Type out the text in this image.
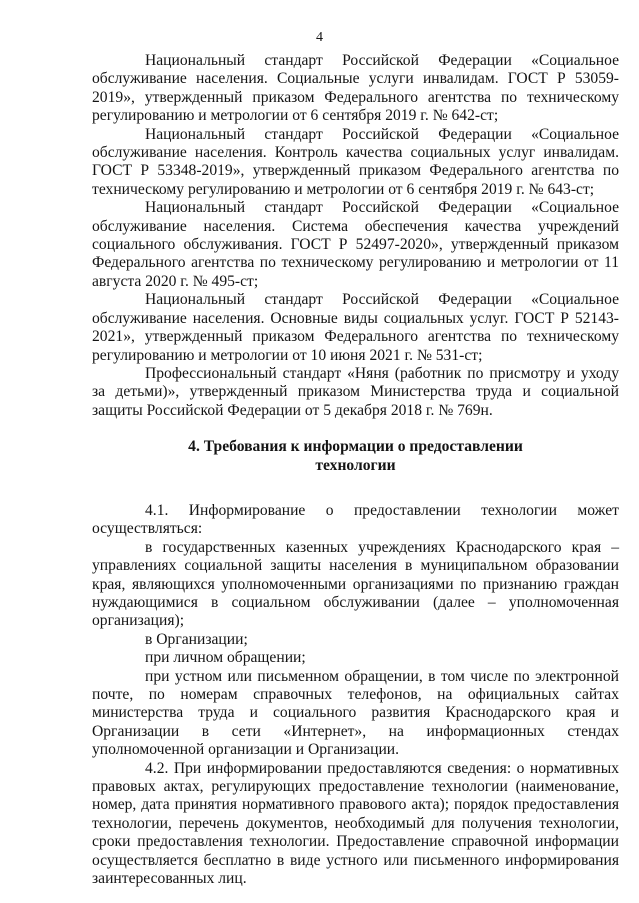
4

Национальный стандарт Российской Федерации «Социальное обслуживание населения. Социальные услуги инвалидам. ГОСТ Р 53059-2019», утвержденный приказом Федерального агентства по техническому регулированию и метрологии от 6 сентября 2019 г. № 642-ст;

Национальный стандарт Российской Федерации «Социальное обслуживание населения. Контроль качества социальных услуг инвалидам. ГОСТ Р 53348-2019», утвержденный приказом Федерального агентства по техническому регулированию и метрологии от 6 сентября 2019 г. № 643-ст;

Национальный стандарт Российской Федерации «Социальное обслуживание населения. Система обеспечения качества учреждений социального обслуживания. ГОСТ Р 52497-2020», утвержденный приказом Федерального агентства по техническому регулированию и метрологии от 11 августа 2020 г. № 495-ст;

Национальный стандарт Российской Федерации «Социальное обслуживание населения. Основные виды социальных услуг. ГОСТ Р 52143-2021», утвержденный приказом Федерального агентства по техническому регулированию и метрологии от 10 июня 2021 г. № 531-ст;

Профессиональный стандарт «Няня (работник по присмотру и уходу за детьми)», утвержденный приказом Министерства труда и социальной защиты Российской Федерации от 5 декабря 2018 г. № 769н.

4. Требования к информации о предоставлении
технологии

4.1. Информирование о предоставлении технологии может осуществляться:

в государственных казенных учреждениях Краснодарского края – управлениях социальной защиты населения в муниципальном образовании края, являющихся уполномоченными организациями по признанию граждан нуждающимися в социальном обслуживании (далее – уполномоченная организация);

в Организации;

при личном обращении;

при устном или письменном обращении, в том числе по электронной почте, по номерам справочных телефонов, на официальных сайтах министерства труда и социального развития Краснодарского края и Организации в сети «Интернет», на информационных стендах уполномоченной организации и Организации.

4.2. При информировании предоставляются сведения: о нормативных правовых актах, регулирующих предоставление технологии (наименование, номер, дата принятия нормативного правового акта); порядок предоставления технологии, перечень документов, необходимый для получения технологии, сроки предоставления технологии. Предоставление справочной информации осуществляется бесплатно в виде устного или письменного информирования заинтересованных лиц.
